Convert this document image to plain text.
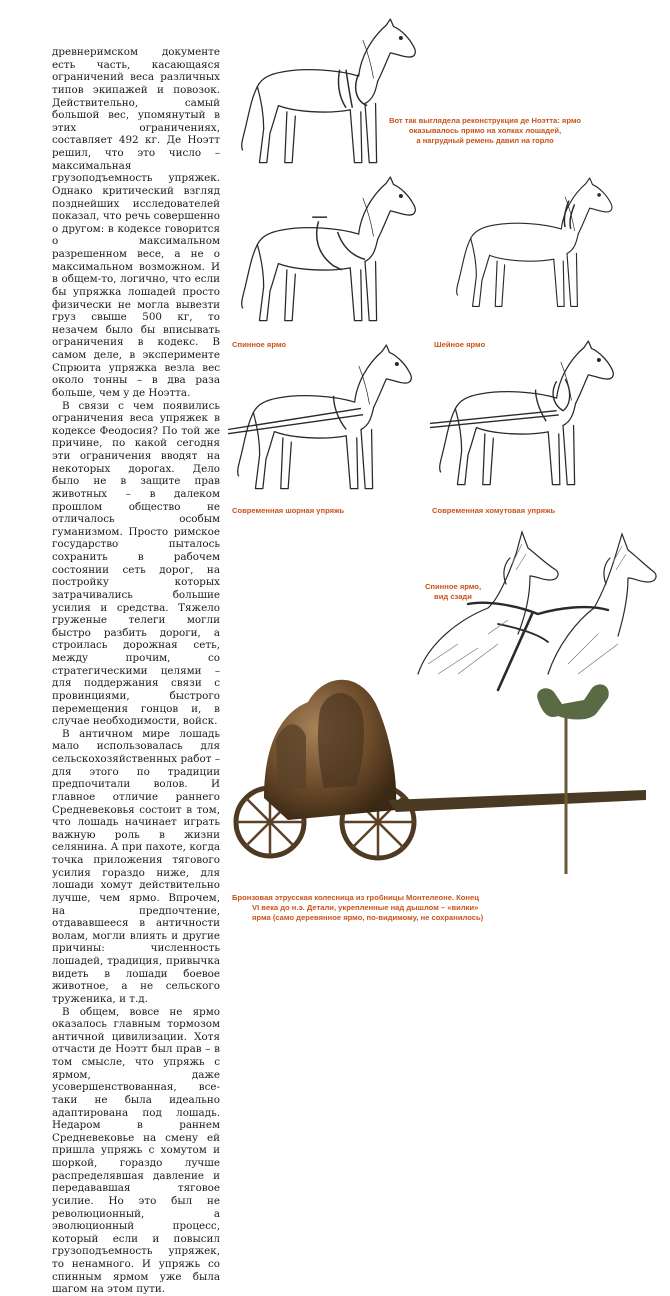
древнеримском документе есть часть, касающаяся ограничений веса различных типов экипажей и повозок. Действительно, самый большой вес, упомянутый в этих ограничениях, составляет 492 кг. Де Ноэтт решил, что это число – максимальная грузоподъемность упряжек. Однако критический взгляд позднейших исследователей показал, что речь совершенно о другом: в кодексе говорится о максимальном разрешенном весе, а не о максимальном возможном. И в общем-то, логично, что если бы упряжка лошадей просто физически не могла вывезти груз свыше 500 кг, то незачем было бы вписывать ограничения в кодекс. В самом деле, в эксперименте Спрюита упряжка везла вес около тонны – в два раза больше, чем у де Ноэтта.

В связи с чем появились ограничения веса упряжек в кодексе Феодосия? По той же причине, по какой сегодня эти ограничения вводят на некоторых дорогах. Дело было не в защите прав животных – в далеком прошлом общество не отличалось особым гуманизмом. Просто римское государство пыталось сохранить в рабочем состоянии сеть дорог, на постройку которых затрачивались большие усилия и средства. Тяжело груженые телеги могли быстро разбить дороги, а строилась дорожная сеть, между прочим, со стратегическими целями – для поддержания связи с провинциями, быстрого перемещения гонцов и, в случае необходимости, войск.

В античном мире лошадь мало использовалась для сельскохозяйственных работ – для этого по традиции предпочитали волов. И главное отличие раннего Средневековья состоит в том, что лошадь начинает играть важную роль в жизни селянина. А при пахоте, когда точка приложения тягового усилия гораздо ниже, для лошади хомут действительно лучше, чем ярмо. Впрочем, на предпочтение, отдававшееся в античности волам, могли влиять и другие причины: численность лошадей, традиция, привычка видеть в лошади боевое животное, а не сельского труженика, и т.д.

В общем, вовсе не ярмо оказалось главным тормозом античной цивилизации. Хотя отчасти де Ноэтт был прав – в том смысле, что упряжь с ярмом, даже усовершенствованная, все-таки не была идеально адаптирована под лошадь. Недаром в раннем Средневековье на смену ей пришла упряжь с хомутом и шоркой, гораздо лучше распределявшая давление и передававшая тяговое усилие. Но это был не революционный, а эволюционный процесс, который если и повысил грузоподъемность упряжек, то ненамного. И упряжь со спинным ярмом уже была шагом на этом пути.

Вот так выглядела реконструкция де Ноэтта: ярмо
оказывалось прямо на холках лошадей,
а нагрудный ремень давил на горло
Спинное ярмо	Шейное ярмо
Современная шорная упряжь	Современная хомутовая упряжь
Спинное ярмо,
вид сзади
Бронзовая этрусская колесница из гробницы Монтелеоне. Конец
VI века до н.э. Детали, укрепленные над дышлом – «вилки»
ярма (само деревянное ярмо, по-видимому, не сохранилось)
